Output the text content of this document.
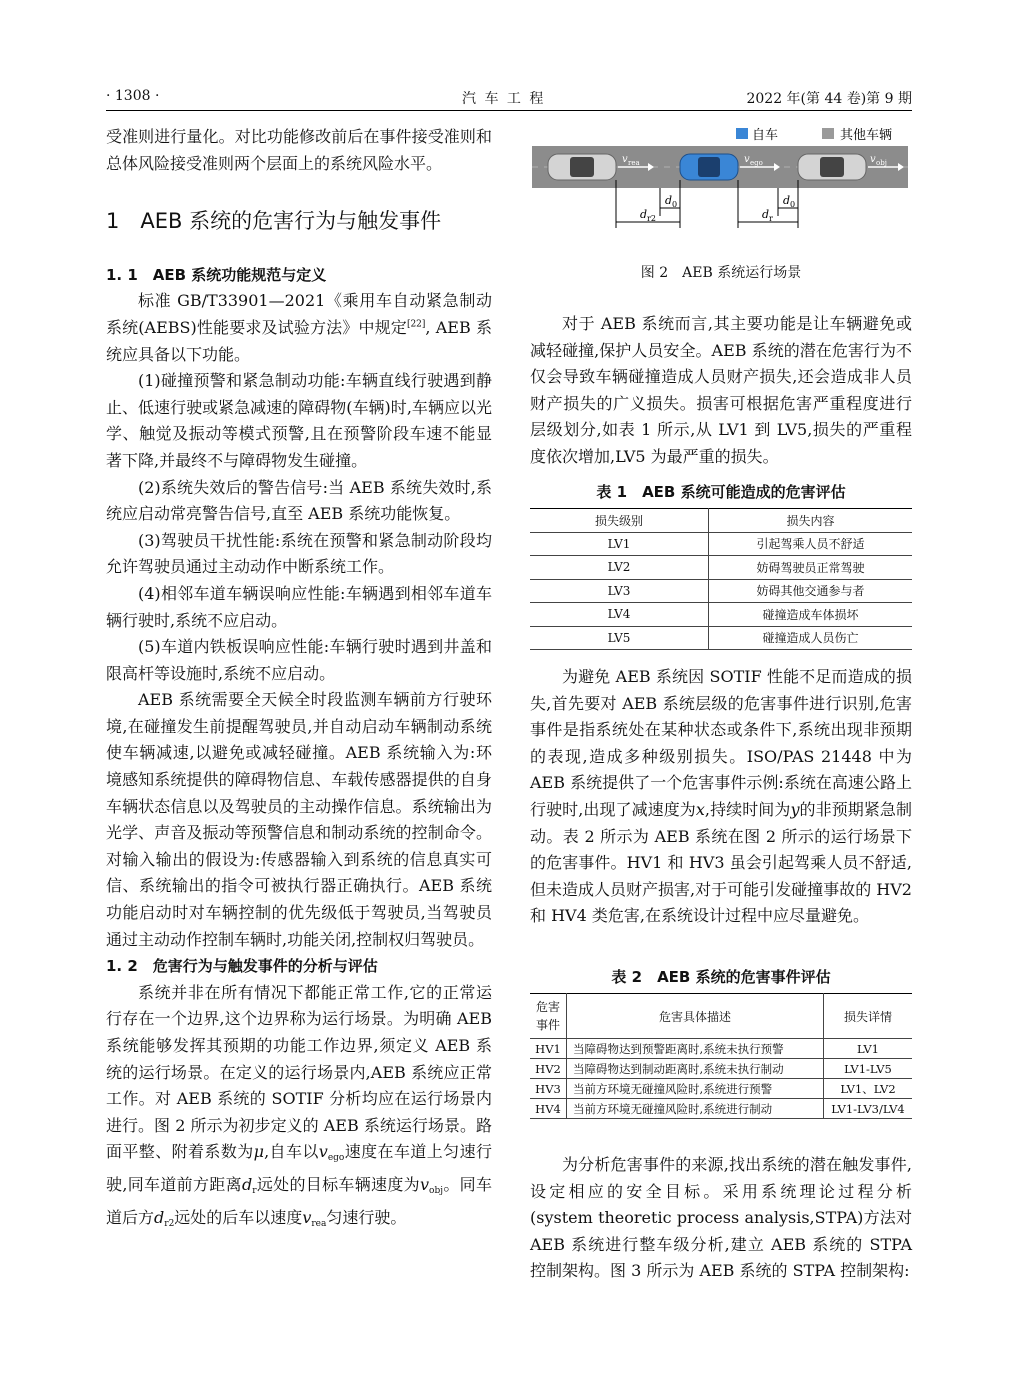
· 1308 ·	汽 车 工 程	2022 年(第 44 卷)第 9 期

受准则进行量化。对比功能修改前后在事件接受准则和总体风险接受准则两个层面上的系统风险水平。

1　AEB 系统的危害行为与触发事件

1. 1　AEB 系统功能规范与定义

标准 GB/T33901—2021《乘用车自动紧急制动系统(AEBS)性能要求及试验方法》中规定[22], AEB 系统应具备以下功能。

(1)碰撞预警和紧急制动功能:车辆直线行驶遇到静止、低速行驶或紧急减速的障碍物(车辆)时,车辆应以光学、触觉及振动等模式预警,且在预警阶段车速不能显著下降,并最终不与障碍物发生碰撞。

(2)系统失效后的警告信号:当 AEB 系统失效时,系统应启动常亮警告信号,直至 AEB 系统功能恢复。

(3)驾驶员干扰性能:系统在预警和紧急制动阶段均允许驾驶员通过主动动作中断系统工作。

(4)相邻车道车辆误响应性能:车辆遇到相邻车道车辆行驶时,系统不应启动。

(5)车道内铁板误响应性能:车辆行驶时遇到井盖和限高杆等设施时,系统不应启动。

AEB 系统需要全天候全时段监测车辆前方行驶环境,在碰撞发生前提醒驾驶员,并自动启动车辆制动系统使车辆减速,以避免或减轻碰撞。AEB 系统输入为:环境感知系统提供的障碍物信息、车载传感器提供的自身车辆状态信息以及驾驶员的主动操作信息。系统输出为光学、声音及振动等预警信息和制动系统的控制命令。对输入输出的假设为:传感器输入到系统的信息真实可信、系统输出的指令可被执行器正确执行。AEB 系统功能启动时对车辆控制的优先级低于驾驶员,当驾驶员通过主动动作控制车辆时,功能关闭,控制权归驾驶员。

1. 2　危害行为与触发事件的分析与评估

系统并非在所有情况下都能正常工作,它的正常运行存在一个边界,这个边界称为运行场景。为明确 AEB 系统能够发挥其预期的功能工作边界,须定义 AEB 系统的运行场景。在定义的运行场景内,AEB 系统应正常工作。对 AEB 系统的 SOTIF 分析均应在运行场景内进行。图 2 所示为初步定义的 AEB 系统运行场景。路面平整、附着系数为μ,自车以$v_{ego}$速度在车道上匀速行驶,同车道前方距离$d_r$远处的目标车辆速度为$v_{obj}$。同车道后方$d_{r2}$远处的后车以速度$v_{rea}$匀速行驶。

自车	其他车辆
v rea	v ego	v obj
d 0	d 0
d r2	d r
图 2　AEB 系统运行场景

对于 AEB 系统而言,其主要功能是让车辆避免或减轻碰撞,保护人员安全。AEB 系统的潜在危害行为不仅会导致车辆碰撞造成人员财产损失,还会造成非人员财产损失的广义损失。损害可根据危害严重程度进行层级划分,如表 1 所示,从 LV1 到 LV5,损失的严重程度依次增加,LV5 为最严重的损失。

表 1　AEB 系统可能造成的危害评估
损失级别	损失内容
LV1	引起驾乘人员不舒适
LV2	妨碍驾驶员正常驾驶
LV3	妨碍其他交通参与者
LV4	碰撞造成车体损坏
LV5	碰撞造成人员伤亡

为避免 AEB 系统因 SOTIF 性能不足而造成的损失,首先要对 AEB 系统层级的危害事件进行识别,危害事件是指系统处在某种状态或条件下,系统出现非预期的表现,造成多种级别损失。ISO/PAS 21448 中为 AEB 系统提供了一个危害事件示例:系统在高速公路上行驶时,出现了减速度为x,持续时间为y的非预期紧急制动。表 2 所示为 AEB 系统在图 2 所示的运行场景下的危害事件。HV1 和 HV3 虽会引起驾乘人员不舒适,但未造成人员财产损害,对于可能引发碰撞事故的 HV2 和 HV4 类危害,在系统设计过程中应尽量避免。

表 2　AEB 系统的危害事件评估
危害事件	危害具体描述	损失详情
HV1	当障碍物达到预警距离时,系统未执行预警	LV1
HV2	当障碍物达到制动距离时,系统未执行制动	LV1-LV5
HV3	当前方环境无碰撞风险时,系统进行预警	LV1、LV2
HV4	当前方环境无碰撞风险时,系统进行制动	LV1-LV3/LV4

为分析危害事件的来源,找出系统的潜在触发事件,设定相应的安全目标。采用系统理论过程分析(system theoretic process analysis,STPA)方法对 AEB 系统进行整车级分析,建立 AEB 系统的 STPA 控制架构。图 3 所示为 AEB 系统的 STPA 控制架构:
